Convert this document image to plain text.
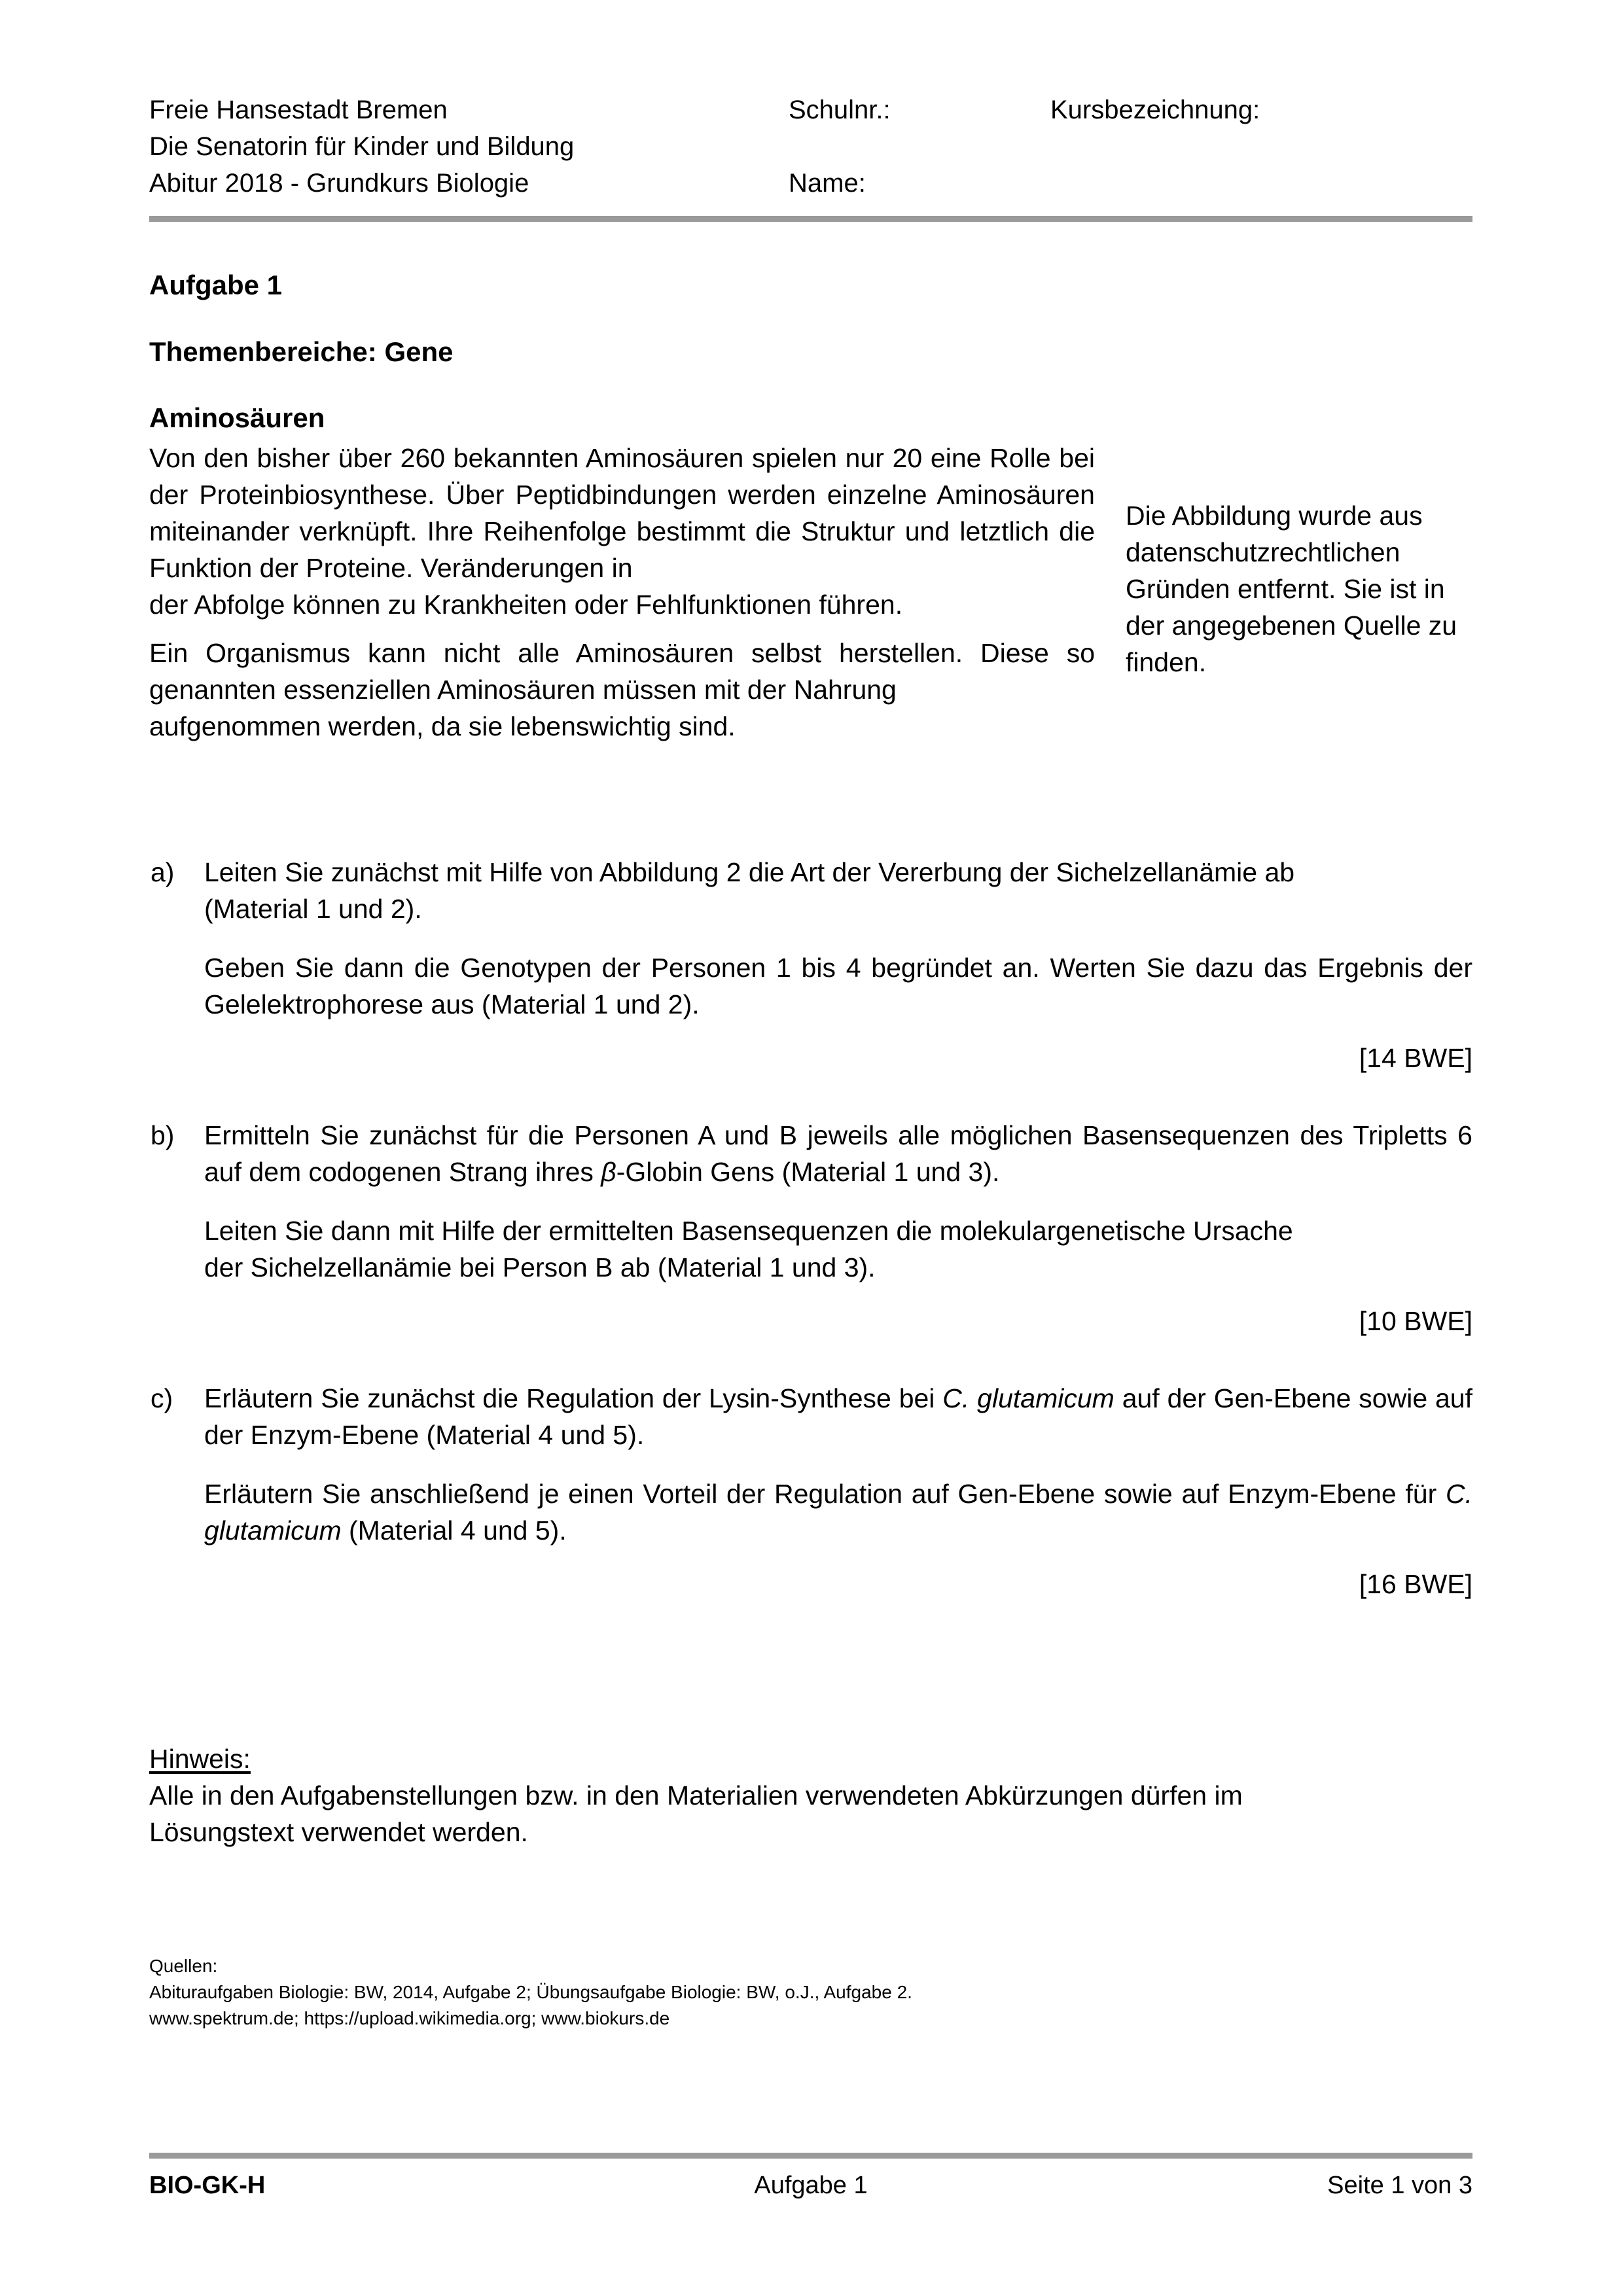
Freie Hansestadt Bremen
Die Senatorin für Kinder und Bildung
Abitur 2018 - Grundkurs Biologie
Schulnr.:
Name:
Kursbezeichnung:
Aufgabe 1
Themenbereiche: Gene
Aminosäuren

Von den bisher über 260 bekannten Aminosäuren spielen nur 20 eine Rolle bei der Proteinbiosynthese. Über Peptidbindungen werden einzelne Aminosäuren miteinander verknüpft. Ihre Reihenfolge bestimmt die Struktur und letztlich die Funktion der Proteine. Veränderungen in
der Abfolge können zu Krankheiten oder Fehlfunktionen führen.

Ein Organismus kann nicht alle Aminosäuren selbst herstellen. Diese so genannten essenziellen Aminosäuren müssen mit der Nahrung
aufgenommen werden, da sie lebenswichtig sind.

Die Abbildung wurde aus datenschutzrechtlichen Gründen entfernt. Sie ist in der angegebenen Quelle zu finden.

a)	Leiten Sie zunächst mit Hilfe von Abbildung 2 die Art der Vererbung der Sichelzellanämie ab
(Material 1 und 2).

Geben Sie dann die Genotypen der Personen 1 bis 4 begründet an. Werten Sie dazu das Ergebnis der Gelelektrophorese aus (Material 1 und 2).

[14 BWE]
b)	Ermitteln Sie zunächst für die Personen A und B jeweils alle möglichen Basensequenzen des Tripletts 6 auf dem codogenen Strang ihres β-Globin Gens (Material 1 und 3).

Leiten Sie dann mit Hilfe der ermittelten Basensequenzen die molekulargenetische Ursache
der Sichelzellanämie bei Person B ab (Material 1 und 3).

[10 BWE]
c)	Erläutern Sie zunächst die Regulation der Lysin-Synthese bei C. glutamicum auf der Gen-Ebene sowie auf der Enzym-Ebene (Material 4 und 5).

Erläutern Sie anschließend je einen Vorteil der Regulation auf Gen-Ebene sowie auf Enzym-Ebene für C. glutamicum (Material 4 und 5).

[16 BWE]
Hinweis:

Alle in den Aufgabenstellungen bzw. in den Materialien verwendeten Abkürzungen dürfen im
Lösungstext verwendet werden.

Quellen:

Abituraufgaben Biologie: BW, 2014, Aufgabe 2; Übungsaufgabe Biologie: BW, o.J., Aufgabe 2.

www.spektrum.de; https://upload.wikimedia.org; www.biokurs.de

BIO-GK-H	Aufgabe 1	Seite 1 von 3
